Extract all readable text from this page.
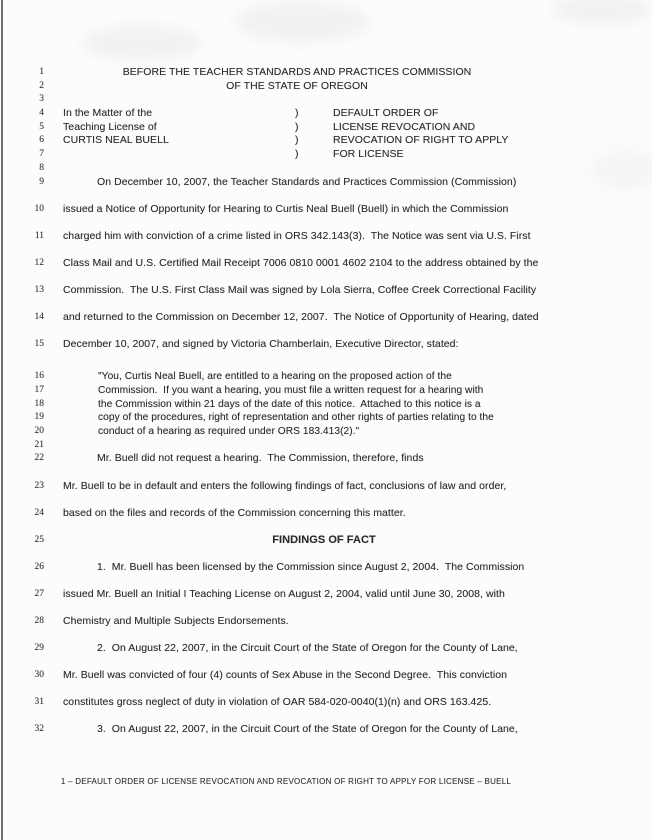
1	BEFORE THE TEACHER STANDARDS AND PRACTICES COMMISSION
2	OF THE STATE OF OREGON
3
4 In the Matter of the	)	DEFAULT ORDER OF
5 Teaching License of	)	LICENSE REVOCATION AND
6 CURTIS NEAL BUELL	)	REVOCATION OF RIGHT TO APPLY
7	)	FOR LICENSE
8
9	On December 10, 2007, the Teacher Standards and Practices Commission (Commission)
10 issued a Notice of Opportunity for Hearing to Curtis Neal Buell (Buell) in which the Commission
11 charged him with conviction of a crime listed in ORS 342.143(3).  The Notice was sent via U.S. First
12 Class Mail and U.S. Certified Mail Receipt 7006 0810 0001 4602 2104 to the address obtained by the
13 Commission.  The U.S. First Class Mail was signed by Lola Sierra, Coffee Creek Correctional Facility
14 and returned to the Commission on December 12, 2007.  The Notice of Opportunity of Hearing, dated
15 December 10, 2007, and signed by Victoria Chamberlain, Executive Director, stated:
16	"You, Curtis Neal Buell, are entitled to a hearing on the proposed action of the
17	Commission.  If you want a hearing, you must file a written request for a hearing with
18	the Commission within 21 days of the date of this notice.  Attached to this notice is a
19	copy of the procedures, right of representation and other rights of parties relating to the
20	conduct of a hearing as required under ORS 183.413(2)."
21
22	Mr. Buell did not request a hearing.  The Commission, therefore, finds
23 Mr. Buell to be in default and enters the following findings of fact, conclusions of law and order,
24 based on the files and records of the Commission concerning this matter.
25	FINDINGS OF FACT
26	1.  Mr. Buell has been licensed by the Commission since August 2, 2004.  The Commission
27 issued Mr. Buell an Initial I Teaching License on August 2, 2004, valid until June 30, 2008, with
28 Chemistry and Multiple Subjects Endorsements.
29	2.  On August 22, 2007, in the Circuit Court of the State of Oregon for the County of Lane,
30 Mr. Buell was convicted of four (4) counts of Sex Abuse in the Second Degree.  This conviction
31 constitutes gross neglect of duty in violation of OAR 584-020-0040(1)(n) and ORS 163.425.
32	3.  On August 22, 2007, in the Circuit Court of the State of Oregon for the County of Lane,
1 – DEFAULT ORDER OF LICENSE REVOCATION AND REVOCATION OF RIGHT TO APPLY FOR LICENSE – BUELL
